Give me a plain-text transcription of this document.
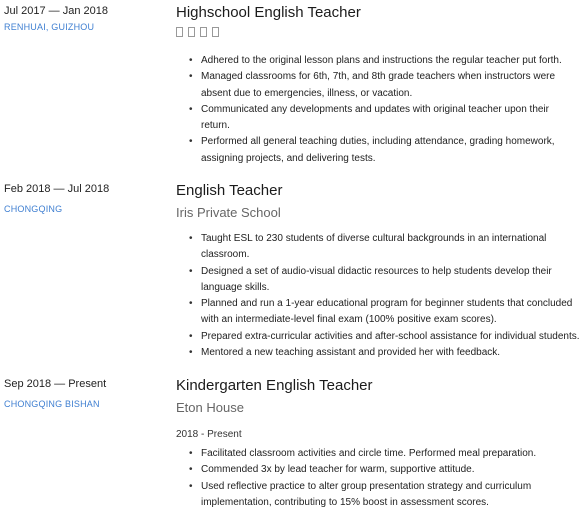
Jul 2017 — Jan 2018
RENHUAI, GUIZHOU
Highschool English Teacher
• Adhered to the original lesson plans and instructions the regular teacher put forth.
• Managed classrooms for 6th, 7th, and 8th grade teachers when instructors were absent due to emergencies, illness, or vacation.
• Communicated any developments and updates with original teacher upon their return.
• Performed all general teaching duties, including attendance, grading homework, assigning projects, and delivering tests.
Feb 2018 — Jul 2018
CHONGQING
English Teacher
Iris Private School
• Taught ESL to 230 students of diverse cultural backgrounds in an international classroom.
• Designed a set of audio-visual didactic resources to help students develop their language skills.
• Planned and run a 1-year educational program for beginner students that concluded with an intermediate-level final exam (100% positive exam scores).
• Prepared extra-curricular activities and after-school assistance for individual students.
• Mentored a new teaching assistant and provided her with feedback.
Sep 2018 — Present
CHONGQING BISHAN
Kindergarten English Teacher
Eton House
2018 - Present
• Facilitated classroom activities and circle time. Performed meal preparation.
• Commended 3x by lead teacher for warm, supportive attitude.
• Used reflective practice to alter group presentation strategy and curriculum implementation, contributing to 15% boost in assessment scores.
